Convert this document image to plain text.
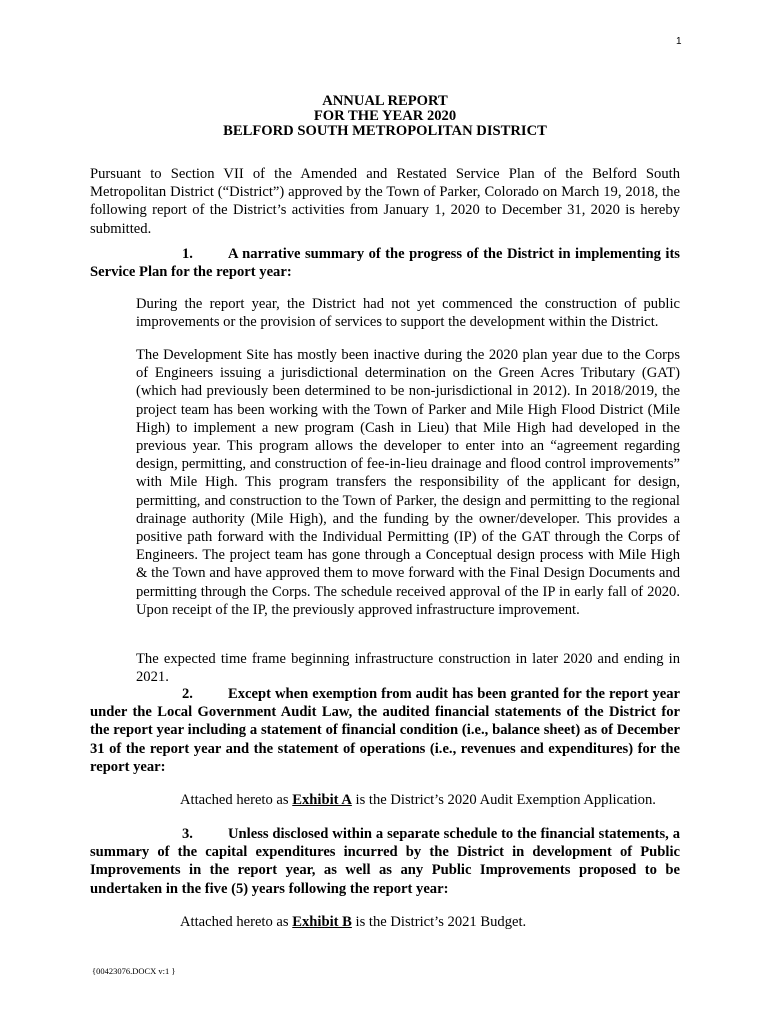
1
ANNUAL REPORT
FOR THE YEAR 2020
BELFORD SOUTH METROPOLITAN DISTRICT

Pursuant to Section VII of the Amended and Restated Service Plan of the Belford South Metropolitan District (“District”) approved by the Town of Parker, Colorado on March 19, 2018, the following report of the District’s activities from January 1, 2020 to December 31, 2020 is hereby submitted.

1. A narrative summary of the progress of the District in implementing its Service Plan for the report year:

During the report year, the District had not yet commenced the construction of public improvements or the provision of services to support the development within the District.

The Development Site has mostly been inactive during the 2020 plan year due to the Corps of Engineers issuing a jurisdictional determination on the Green Acres Tributary (GAT) (which had previously been determined to be non-jurisdictional in 2012). In 2018/2019, the project team has been working with the Town of Parker and Mile High Flood District (Mile High) to implement a new program (Cash in Lieu) that Mile High had developed in the previous year. This program allows the developer to enter into an “agreement regarding design, permitting, and construction of fee-in-lieu drainage and flood control improvements” with Mile High. This program transfers the responsibility of the applicant for design, permitting, and construction to the Town of Parker, the design and permitting to the regional drainage authority (Mile High), and the funding by the owner/developer. This provides a positive path forward with the Individual Permitting (IP) of the GAT through the Corps of Engineers. The project team has gone through a Conceptual design process with Mile High & the Town and have approved them to move forward with the Final Design Documents and permitting through the Corps. The schedule received approval of the IP in early fall of 2020. Upon receipt of the IP, the previously approved infrastructure improvement.

The expected time frame beginning infrastructure construction in later 2020 and ending in 2021.

2. Except when exemption from audit has been granted for the report year under the Local Government Audit Law, the audited financial statements of the District for the report year including a statement of financial condition (i.e., balance sheet) as of December 31 of the report year and the statement of operations (i.e., revenues and expenditures) for the report year:

Attached hereto as Exhibit A is the District’s 2020 Audit Exemption Application.

3. Unless disclosed within a separate schedule to the financial statements, a summary of the capital expenditures incurred by the District in development of Public Improvements in the report year, as well as any Public Improvements proposed to be undertaken in the five (5) years following the report year:

Attached hereto as Exhibit B is the District’s 2021 Budget.

{00423076.DOCX v:1 }
